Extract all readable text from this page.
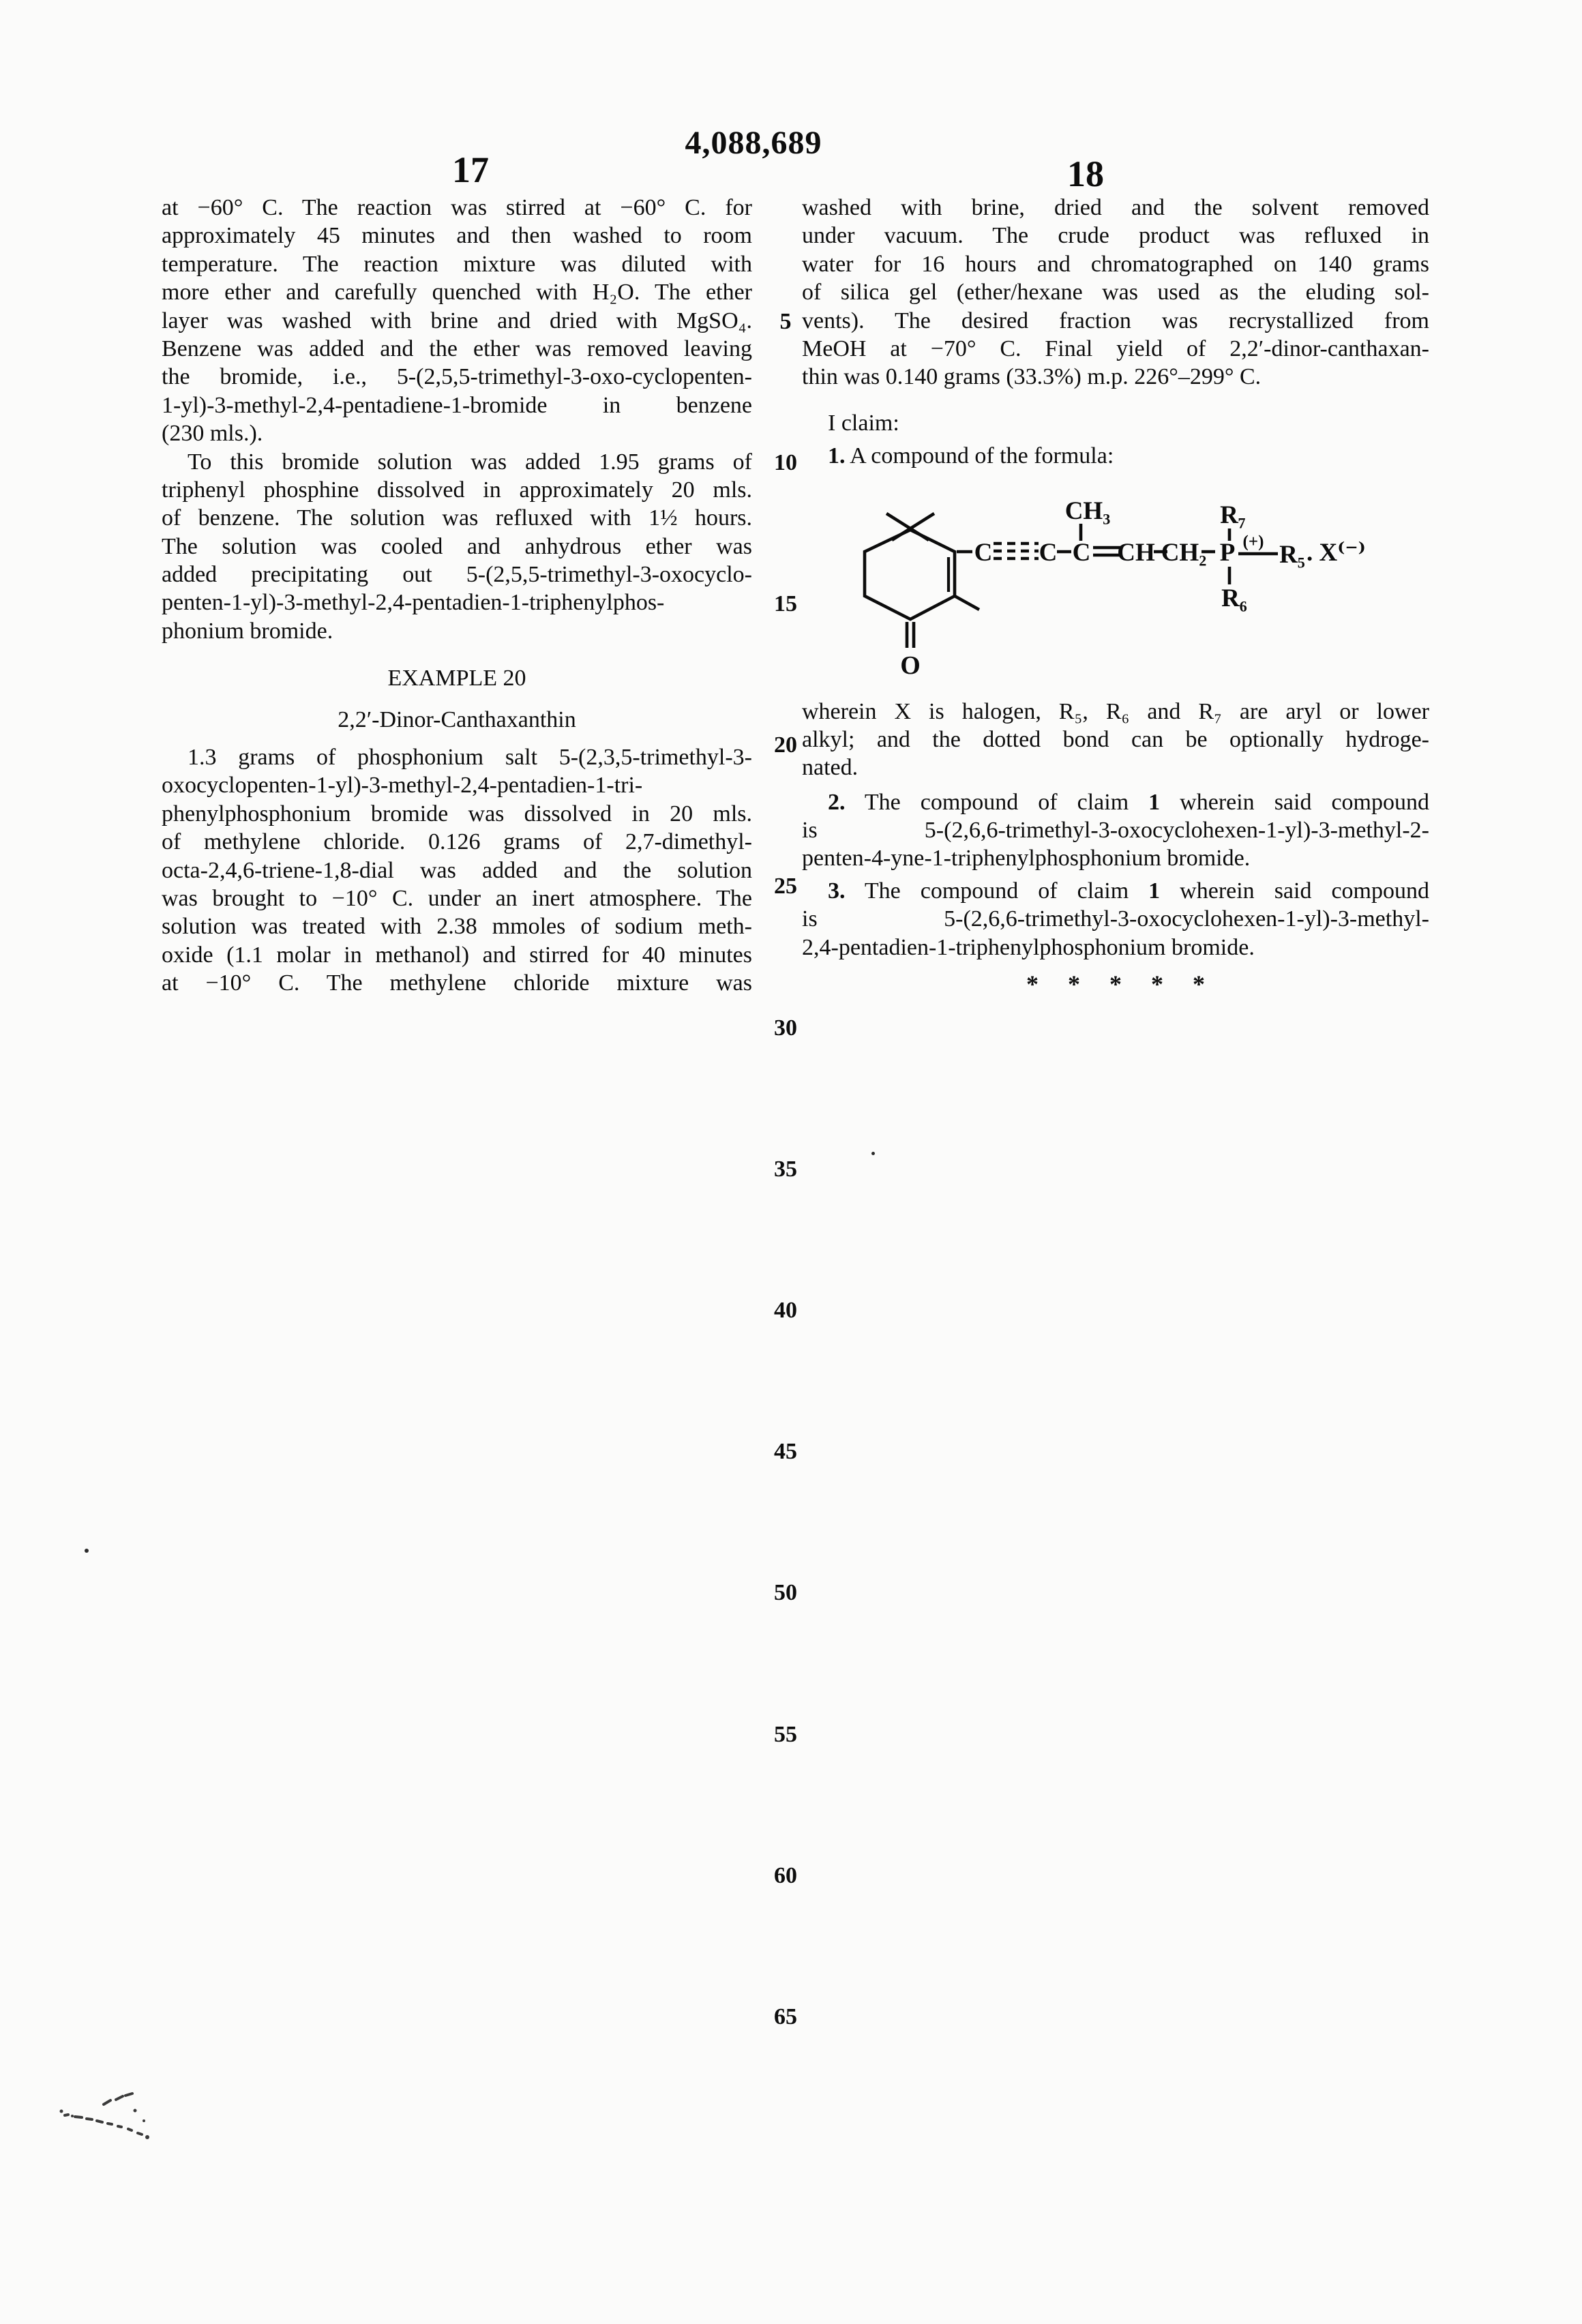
4,088,689
17	18
5
10
15
20
25
30
35
40
45
50
55
60
65
at −60° C. The reaction was stirred at −60° C. for
approximately 45 minutes and then washed to room
temperature. The reaction mixture was diluted with
more ether and carefully quenched with H₂O. The ether
layer was washed with brine and dried with MgSO₄.
Benzene was added and the ether was removed leaving
the bromide, i.e., 5-(2,5,5-trimethyl-3-oxo-cyclopenten-
1-yl)-3-methyl-2,4-pentadiene-1-bromide in benzene
(230 mls.).
To this bromide solution was added 1.95 grams of
triphenyl phosphine dissolved in approximately 20 mls.
of benzene. The solution was refluxed with 1½ hours.
The solution was cooled and anhydrous ether was
added precipitating out 5-(2,5,5-trimethyl-3-oxocyclo-
penten-1-yl)-3-methyl-2,4-pentadien-1-triphenylphos-
phonium bromide.
EXAMPLE 20
2,2′-Dinor-Canthaxanthin
1.3 grams of phosphonium salt 5-(2,3,5-trimethyl-3-
oxocyclopenten-1-yl)-3-methyl-2,4-pentadien-1-tri-
phenylphosphonium bromide was dissolved in 20 mls.
of methylene chloride. 0.126 grams of 2,7-dimethyl-
octa-2,4,6-triene-1,8-dial was added and the solution
was brought to −10° C. under an inert atmosphere. The
solution was treated with 2.38 mmoles of sodium meth-
oxide (1.1 molar in methanol) and stirred for 40 minutes
at −10° C. The methylene chloride mixture was
washed with brine, dried and the solvent removed
under vacuum. The crude product was refluxed in
water for 16 hours and chromatographed on 140 grams
of silica gel (ether/hexane was used as the eluding sol-
vents). The desired fraction was recrystallized from
MeOH at −70° C. Final yield of 2,2′-dinor-canthaxan-
thin was 0.140 grams (33.3%) m.p. 226°–299° C.
I claim:
1. A compound of the formula:
O
C C C
CH₃
CH CH₂ P
R₇
R₆
(+) R₅ . X⁽⁻⁾
wherein X is halogen, R₅, R₆ and R₇ are aryl or lower
alkyl; and the dotted bond can be optionally hydroge-
nated.
2. The compound of claim 1 wherein said compound
is 5-(2,6,6-trimethyl-3-oxocyclohexen-1-yl)-3-methyl-2-
penten-4-yne-1-triphenylphosphonium bromide.
3. The compound of claim 1 wherein said compound
is 5-(2,6,6-trimethyl-3-oxocyclohexen-1-yl)-3-methyl-
2,4-pentadien-1-triphenylphosphonium bromide.
* * * * *
